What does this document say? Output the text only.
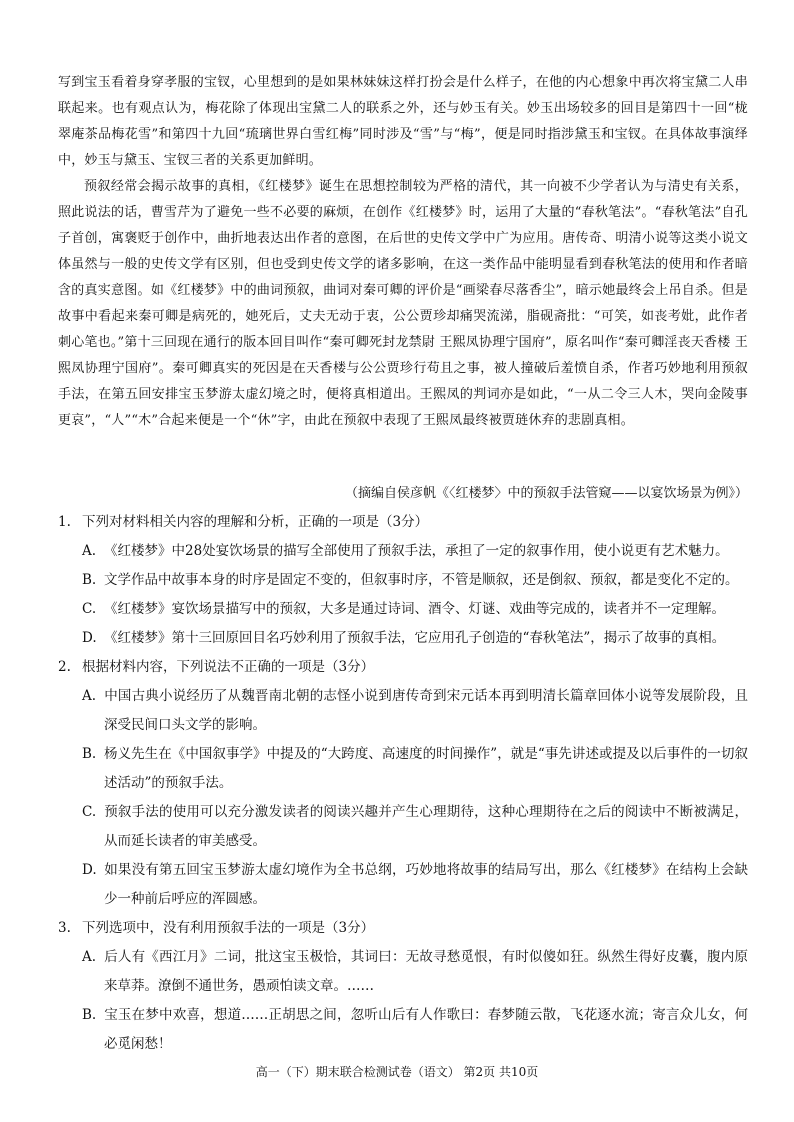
写到宝玉看着身穿孝服的宝钗，心里想到的是如果林妹妹这样打扮会是什么样子，在他的内心想象中再次将宝黛二人串联起来。也有观点认为，梅花除了体现出宝黛二人的联系之外，还与妙玉有关。妙玉出场较多的回目是第四十一回“栊翠庵茶品梅花雪”和第四十九回“琉璃世界白雪红梅”同时涉及“雪”与“梅”，便是同时指涉黛玉和宝钗。在具体故事演绎中，妙玉与黛玉、宝钗三者的关系更加鲜明。

预叙经常会揭示故事的真相，《红楼梦》诞生在思想控制较为严格的清代，其一向被不少学者认为与清史有关系，照此说法的话，曹雪芹为了避免一些不必要的麻烦，在创作《红楼梦》时，运用了大量的“春秋笔法”。“春秋笔法”自孔子首创，寓褒贬于创作中，曲折地表达出作者的意图，在后世的史传文学中广为应用。唐传奇、明清小说等这类小说文体虽然与一般的史传文学有区别，但也受到史传文学的诸多影响，在这一类作品中能明显看到春秋笔法的使用和作者暗含的真实意图。如《红楼梦》中的曲词预叙，曲词对秦可卿的评价是“画梁春尽落香尘”，暗示她最终会上吊自杀。但是故事中看起来秦可卿是病死的，她死后，丈夫无动于衷，公公贾珍却痛哭流涕，脂砚斋批：“可笑，如丧考妣，此作者刺心笔也。”第十三回现在通行的版本回目叫作“秦可卿死封龙禁尉 王熙凤协理宁国府”，原名叫作“秦可卿淫丧天香楼 王熙凤协理宁国府”。秦可卿真实的死因是在天香楼与公公贾珍行苟且之事，被人撞破后羞愤自杀，作者巧妙地利用预叙手法，在第五回安排宝玉梦游太虚幻境之时，便将真相道出。王熙凤的判词亦是如此，“一从二令三人木，哭向金陵事更哀”，“人”“木”合起来便是一个“休”字，由此在预叙中表现了王熙凤最终被贾琏休弃的悲剧真相。

（摘编自侯彦帆《〈红楼梦〉中的预叙手法管窥——以宴饮场景为例》）

1. 下列对材料相关内容的理解和分析，正确的一项是（3分）

A. 《红楼梦》中28处宴饮场景的描写全部使用了预叙手法，承担了一定的叙事作用，使小说更有艺术魅力。

B. 文学作品中故事本身的时序是固定不变的，但叙事时序，不管是顺叙，还是倒叙、预叙，都是变化不定的。

C. 《红楼梦》宴饮场景描写中的预叙，大多是通过诗词、酒令、灯谜、戏曲等完成的，读者并不一定理解。

D. 《红楼梦》第十三回原回目名巧妙利用了预叙手法，它应用孔子创造的“春秋笔法”，揭示了故事的真相。

2. 根据材料内容，下列说法不正确的一项是（3分）

A. 中国古典小说经历了从魏晋南北朝的志怪小说到唐传奇到宋元话本再到明清长篇章回体小说等发展阶段，且深受民间口头文学的影响。

B. 杨义先生在《中国叙事学》中提及的“大跨度、高速度的时间操作”，就是“事先讲述或提及以后事件的一切叙述活动”的预叙手法。

C. 预叙手法的使用可以充分激发读者的阅读兴趣并产生心理期待，这种心理期待在之后的阅读中不断被满足，从而延长读者的审美感受。

D. 如果没有第五回宝玉梦游太虚幻境作为全书总纲，巧妙地将故事的结局写出，那么《红楼梦》在结构上会缺少一种前后呼应的浑圆感。

3. 下列选项中，没有利用预叙手法的一项是（3分）

A. 后人有《西江月》二词，批这宝玉极恰，其词曰：无故寻愁觅恨，有时似傻如狂。纵然生得好皮囊，腹内原来草莽。潦倒不通世务，愚顽怕读文章。……

B. 宝玉在梦中欢喜，想道……正胡思之间，忽听山后有人作歌曰：春梦随云散，飞花逐水流；寄言众儿女，何必觅闲愁！

高一（下）期末联合检测试卷（语文） 第2页 共10页
